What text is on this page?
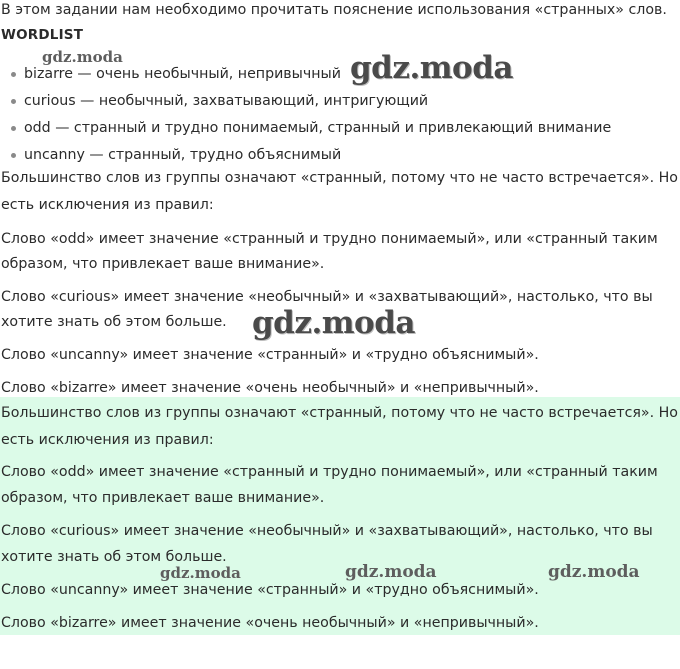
В этом задании нам необходимо прочитать пояснение использования «странных» слов.
WORDLIST
bizarre — очень необычный, непривычный
curious — необычный, захватывающий, интригующий
odd — странный и трудно понимаемый, странный и привлекающий внимание
uncanny — странный, трудно объяснимый
Большинство слов из группы означают «странный, потому что не часто встречается». Но
есть исключения из правил:
Слово «odd» имеет значение «странный и трудно понимаемый», или «странный таким
образом, что привлекает ваше внимание».
Слово «curious» имеет значение «необычный» и «захватывающий», настолько, что вы
хотите знать об этом больше.
Слово «uncanny» имеет значение «странный» и «трудно объяснимый».
Слово «bizarre» имеет значение «очень необычный» и «непривычный».
Большинство слов из группы означают «странный, потому что не часто встречается». Но
есть исключения из правил:
Слово «odd» имеет значение «странный и трудно понимаемый», или «странный таким
образом, что привлекает ваше внимание».
Слово «curious» имеет значение «необычный» и «захватывающий», настолько, что вы
хотите знать об этом больше.
Слово «uncanny» имеет значение «странный» и «трудно объяснимый».
Слово «bizarre» имеет значение «очень необычный» и «непривычный».
gdz.moda	gdz.moda
gdz.moda
gdz.moda	gdz.moda	gdz.moda
